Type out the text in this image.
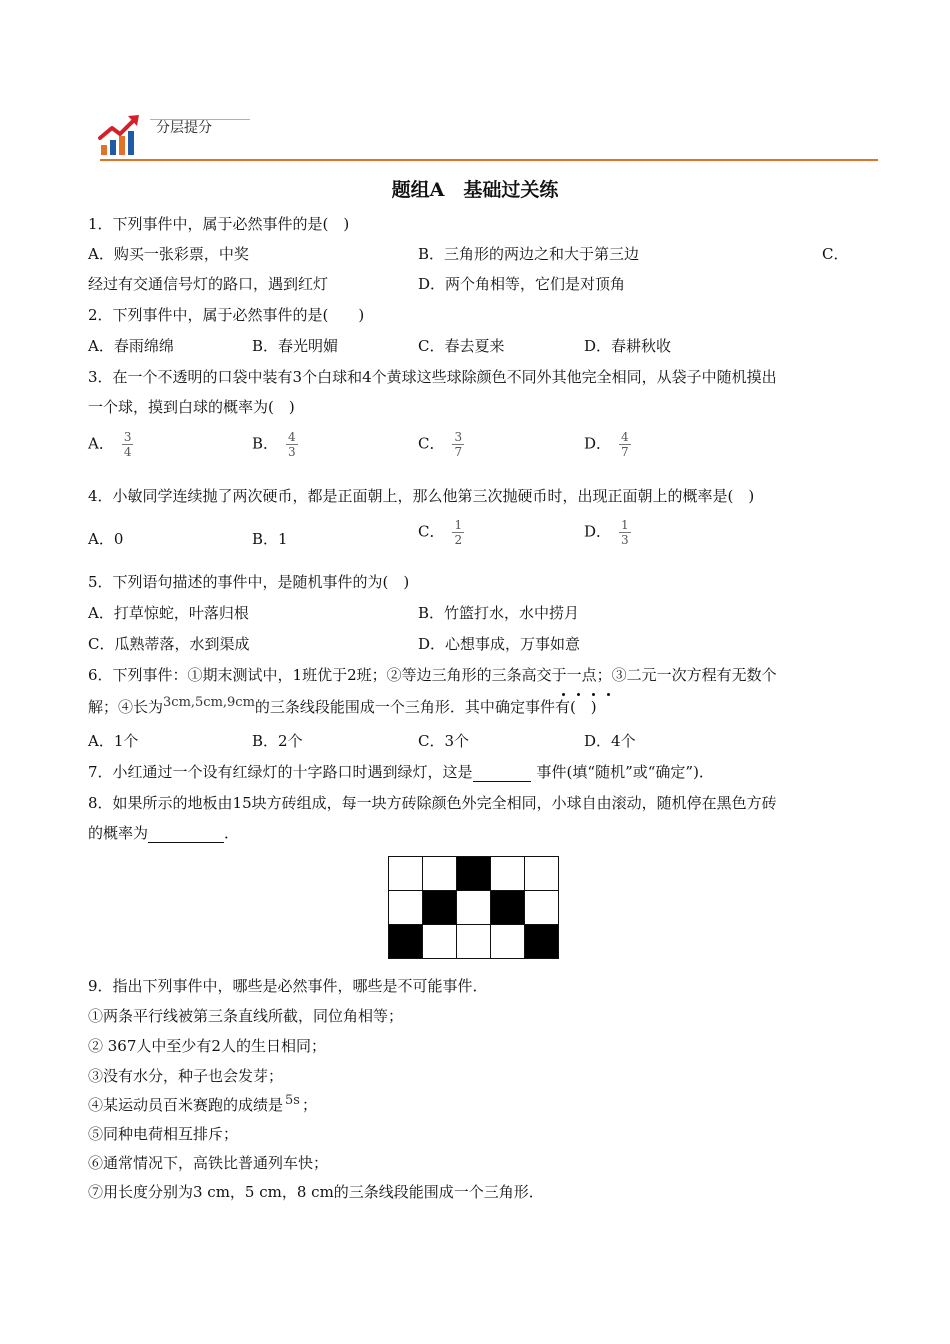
分层提分
题组A　基础过关练
1．下列事件中，属于必然事件的是(　)
A．购买一张彩票，中奖	B．三角形的两边之和大于第三边	C．
经过有交通信号灯的路口，遇到红灯	D．两个角相等，它们是对顶角
2．下列事件中，属于必然事件的是(　　)
A．春雨绵绵	B．春光明媚	C．春去夏来	D．春耕秋收
3．在一个不透明的口袋中装有3个白球和4个黄球这些球除颜色不同外其他完全相同，从袋子中随机摸出
一个球，摸到白球的概率为(　)
A． $\frac{3}{4}$	B． $\frac{4}{3}$	C． $\frac{3}{7}$	D． $\frac{4}{7}$
4．小敏同学连续抛了两次硬币，都是正面朝上，那么他第三次抛硬币时，出现正面朝上的概率是(　)
A．0	B．1	C． $\frac{1}{2}$	D． $\frac{1}{3}$
5．下列语句描述的事件中，是随机事件的为(　)
A．打草惊蛇，叶落归根	B．竹篮打水，水中捞月
C．瓜熟蒂落，水到渠成	D．心想事成，万事如意
6．下列事件：①期末测试中，1班优于2班；②等边三角形的三条高交于一点；③二元一次方程有无数个
解；④长为3cm,5cm,9cm的三条线段能围成一个三角形．其中确定事件有(　)
A．1个	B．2个	C．3个	D．4个
7．小红通过一个设有红绿灯的十字路口时遇到绿灯，这是	事件(填“随机”或“确定”)．
8．如果所示的地板由15块方砖组成，每一块方砖除颜色外完全相同，小球自由滚动，随机停在黑色方砖
的概率为	．

9．指出下列事件中，哪些是必然事件，哪些是不可能事件．
①两条平行线被第三条直线所截，同位角相等；
② 367人中至少有2人的生日相同；
③没有水分，种子也会发芽；
④某运动员百米赛跑的成绩是 5s ；
⑤同种电荷相互排斥；
⑥通常情况下，高铁比普通列车快；
⑦用长度分别为3 cm，5 cm，8 cm的三条线段能围成一个三角形．
